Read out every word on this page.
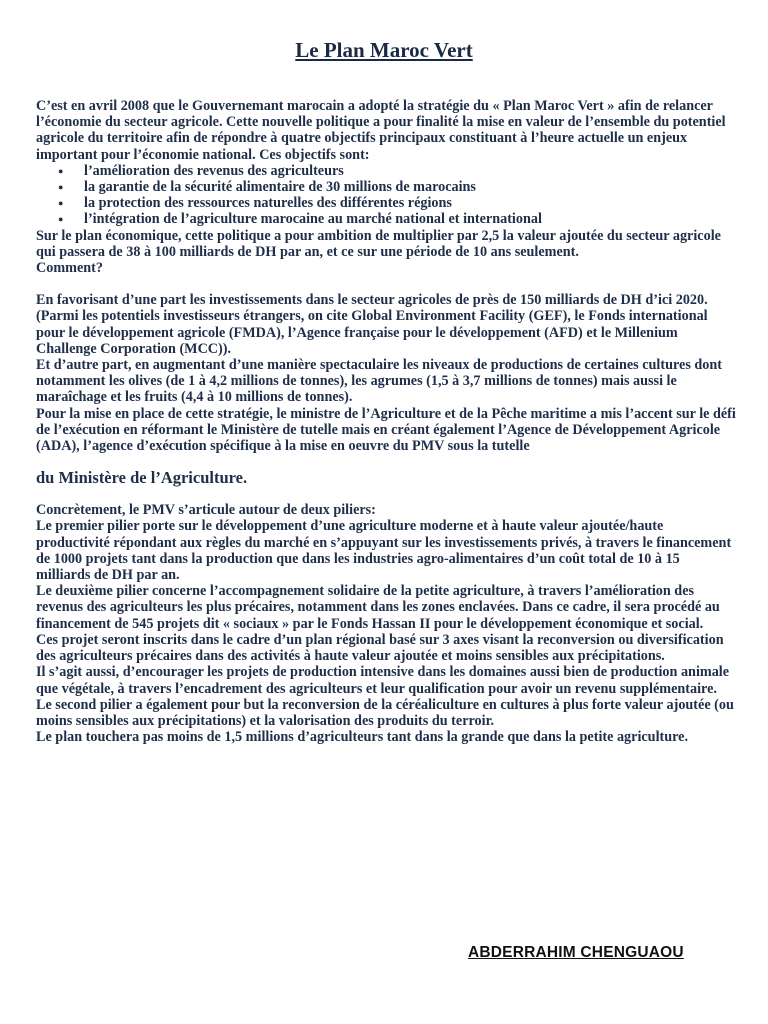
Le Plan Maroc Vert

C’est en avril 2008 que le Gouvernemant marocain a adopté la stratégie du « Plan Maroc Vert » afin de relancer l’économie du secteur agricole. Cette nouvelle politique a pour finalité la mise en valeur de l’ensemble du potentiel agricole du territoire afin de répondre à quatre objectifs principaux constituant à l’heure actuelle un enjeux important pour l’économie national. Ces objectifs sont:

● l’amélioration des revenus des agriculteurs
● la garantie de la sécurité alimentaire de 30 millions de marocains
● la protection des ressources naturelles des différentes régions
● l’intégration de l’agriculture marocaine au marché national et international

Sur le plan économique, cette politique a pour ambition de multiplier par 2,5 la valeur ajoutée du secteur agricole qui passera de 38 à 100 milliards de DH par an, et ce sur une période de 10 ans seulement.

Comment?

En favorisant d’une part les investissements dans le secteur agricoles de près de 150 milliards de DH d’ici 2020. (Parmi les potentiels investisseurs étrangers, on cite Global Environment Facility (GEF), le Fonds international pour le développement agricole (FMDA), l’Agence française pour le développement (AFD) et le Millenium Challenge Corporation (MCC)).

Et d’autre part, en augmentant d’une manière spectaculaire les niveaux de productions de certaines cultures dont notamment les olives (de 1 à 4,2 millions de tonnes), les agrumes (1,5 à 3,7 millions de tonnes) mais aussi le maraîchage et les fruits (4,4 à 10 millions de tonnes).

Pour la mise en place de cette stratégie, le ministre de l’Agriculture et de la Pêche maritime a mis l’accent sur le défi de l’exécution en réformant le Ministère de tutelle mais en créant également l’Agence de Développement Agricole (ADA), l’agence d’exécution spécifique à la mise en oeuvre du PMV sous la tutelle

du Ministère de l’Agriculture.

Concrètement, le PMV s’articule autour de deux piliers:

Le premier pilier porte sur le développement d’une agriculture moderne et à haute valeur ajoutée/haute productivité répondant aux règles du marché en s’appuyant sur les investissements privés, à travers le financement de 1000 projets tant dans la production que dans les industries agro-alimentaires d’un coût total de 10 à 15 milliards de DH par an.

Le deuxième pilier concerne l’accompagnement solidaire de la petite agriculture, à travers l’amélioration des revenus des agriculteurs les plus précaires, notamment dans les zones enclavées. Dans ce cadre, il sera procédé au financement de 545 projets dit « sociaux » par le Fonds Hassan II pour le développement économique et social.

Ces projet seront inscrits dans le cadre d’un plan régional basé sur 3 axes visant la reconversion ou diversification des agriculteurs précaires dans des activités à haute valeur ajoutée et moins sensibles aux précipitations.

Il s’agit aussi, d’encourager les projets de production intensive dans les domaines aussi bien de production animale que végétale, à travers l’encadrement des agriculteurs et leur qualification pour avoir un revenu supplémentaire.

Le second pilier a également pour but la reconversion de la céréaliculture en cultures à plus forte valeur ajoutée (ou moins sensibles aux précipitations) et la valorisation des produits du terroir.

Le plan touchera pas moins de 1,5 millions d’agriculteurs tant dans la grande que dans la petite agriculture.

ABDERRAHIM CHENGUAOU
